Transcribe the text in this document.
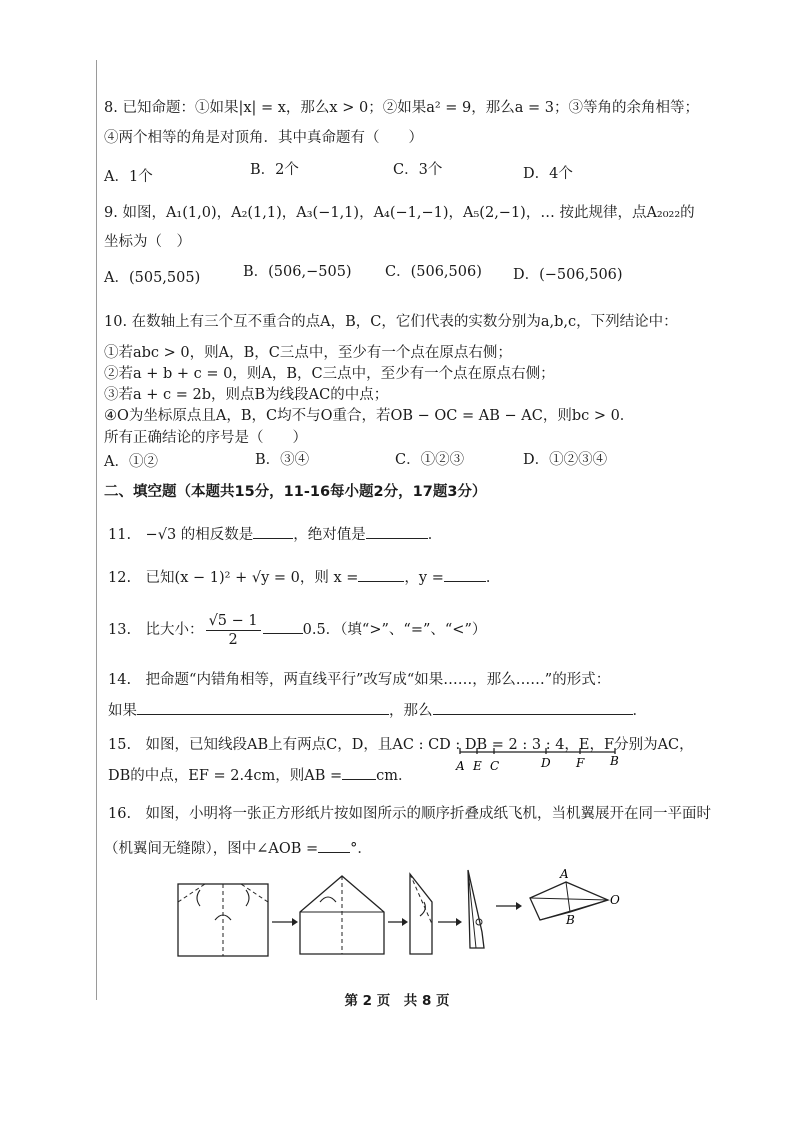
8. 已知命题：①如果|x| = x，那么x > 0；②如果a² = 9，那么a = 3；③等角的余角相等；
④两个相等的角是对顶角．其中真命题有（　　）
A．1个	B．2个	C．3个	D．4个
9. 如图，A₁(1,0)，A₂(1,1)，A₃(−1,1)，A₄(−1,−1)，A₅(2,−1)，… 按此规律，点A₂₀₂₂的
坐标为（　）
A．(505,505)	B．(506,−505) C．(506,506) D．(−506,506)
10. 在数轴上有三个互不重合的点A，B，C，它们代表的实数分别为a,b,c，下列结论中：
①若abc > 0，则A，B，C三点中，至少有一个点在原点右侧；
②若a + b + c = 0，则A，B，C三点中，至少有一个点在原点右侧；
③若a + c = 2b，则点B为线段AC的中点；
④O为坐标原点且A，B，C均不与O重合，若OB − OC = AB − AC，则bc > 0．
所有正确结论的序号是（　　）
A．①②	B．③④	C．①②③	D．①②③④
二、填空题（本题共15分，11-16每小题2分，17题3分）
11.　−√3 的相反数是	，绝对值是	．
12.　已知(x − 1)² + √y = 0，则 x =	，y =	．
13.　比大小： $\frac{√5 - 1}{2}$	0.5．（填“>”、“=”、“<”）
14.　把命题“内错角相等，两直线平行”改写成“如果……，那么……”的形式：
如果	，那么	．
15.　如图，已知线段AB上有两点C，D，且AC : CD : DB = 2 : 3 : 4，E，F分别为AC，
DB的中点，EF = 2.4cm，则AB = cm．
A E C	D F B
16.　如图，小明将一张正方形纸片按如图所示的顺序折叠成纸飞机，当机翼展开在同一平面时
（机翼间无缝隙），图中∠AOB = °．
A
B
O
第 2 页　共 8 页
